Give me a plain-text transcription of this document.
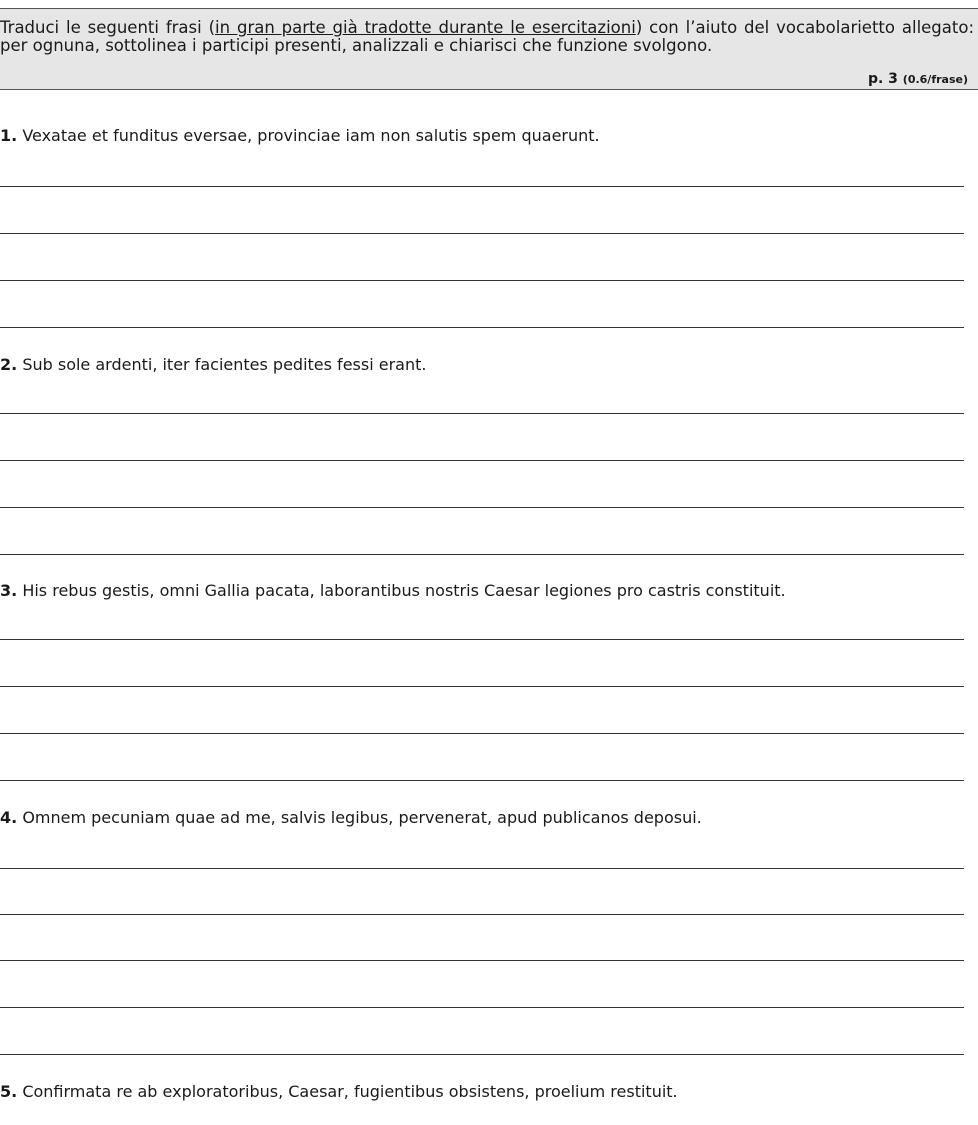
Traduci le seguenti frasi (in gran parte già tradotte durante le esercitazioni) con l’aiuto del vocabolarietto allegato: per ognuna, sottolinea i participi presenti, analizzali e chiarisci che funzione svolgono.
p. 3 (0.6/frase)
1. Vexatae et funditus eversae, provinciae iam non salutis spem quaerunt.
2. Sub sole ardenti, iter facientes pedites fessi erant.
3. His rebus gestis, omni Gallia pacata, laborantibus nostris Caesar legiones pro castris constituit.
4. Omnem pecuniam quae ad me, salvis legibus, pervenerat, apud publicanos deposui.
5. Confirmata re ab exploratoribus, Caesar, fugientibus obsistens, proelium restituit.
